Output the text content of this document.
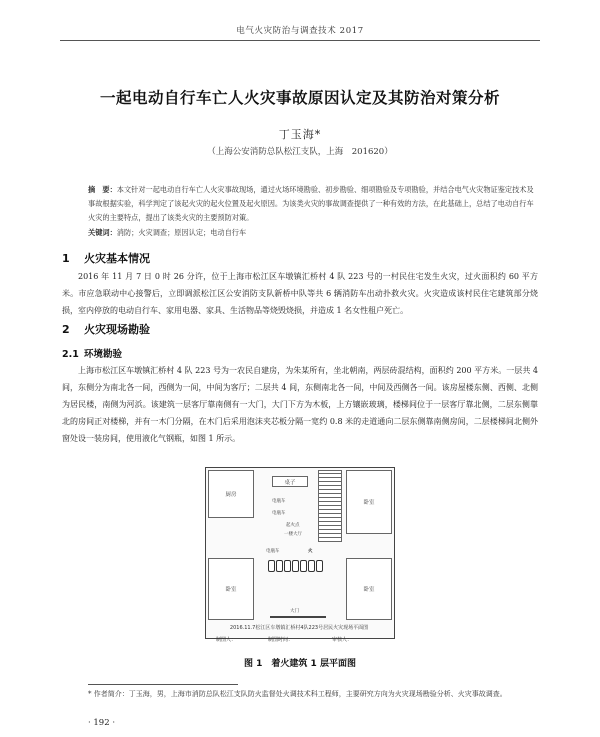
电气火灾防治与调查技术 2017
一起电动自行车亡人火灾事故原因认定及其防治对策分析
丁玉海*
（上海公安消防总队松江支队，上海　201620）
摘　要：本文针对一起电动自行车亡人火灾事故现场，通过火场环境勘验、初步勘验、细项勘验及专项勘验，并结合电气火灾物证鉴定技术及事故根据实验，科学判定了该起火灾的起火位置及起火原因。为该类火灾的事故调查提供了一种有效的方法，在此基础上，总结了电动自行车火灾的主要特点，提出了该类火灾的主要预防对策。
关键词：消防；火灾调查；原因认定；电动自行车
1 火灾基本情况
2016 年 11 月 7 日 0 时 26 分许，位于上海市松江区车墩镇汇桥村 4 队 223 号的一村民住宅发生火灾，过火面积约 60 平方米。市应急联动中心接警后，立即调派松江区公安消防支队新桥中队等共 6 辆消防车出动扑救火灾。火灾造成该村民住宅建筑部分烧损，室内停放的电动自行车、家用电器、家具、生活物品等烧毁烧损，并造成 1 名女性租户死亡。
2 火灾现场勘验
2.1 环境勘验
上海市松江区车墩镇汇桥村 4 队 223 号为一农民自建房，为朱某所有，坐北朝南，两层砖混结构，面积约 200 平方米。一层共 4 间，东侧分为南北各一间，西侧为一间，中间为客厅；二层共 4 间，东侧南北各一间，中间及西侧各一间。该房屋楼东侧、西侧、北侧为居民楼，南侧为河浜。该建筑一层客厅靠南侧有一大门，大门下方为木板，上方镶嵌玻璃，楼梯间位于一层客厅靠北侧，二层东侧靠北的房间正对楼梯，并有一木门分隔，在木门后采用泡沫夹芯板分隔一宽约 0.8 米的走道通向二层东侧靠南侧房间，二层楼梯间北侧外窗处设一装房间，使用液化气钢瓶，如图 1 所示。
厨房
卧室
卧室	卧室
桌子
电瓶车
电瓶车
起火点
一楼大厅
电瓶车	火
大门
2016.11.7松江区车墩镇汇桥村4队223号居民火灾现场平面图
制图人：	制图时间：	审核人：
图 1　着火建筑 1 层平面图
* 作者简介：丁玉海，男，上海市消防总队松江支队防火监督处火调技术科工程师，主要研究方向为火灾现场勘验分析、火灾事故调查。
· 192 ·
